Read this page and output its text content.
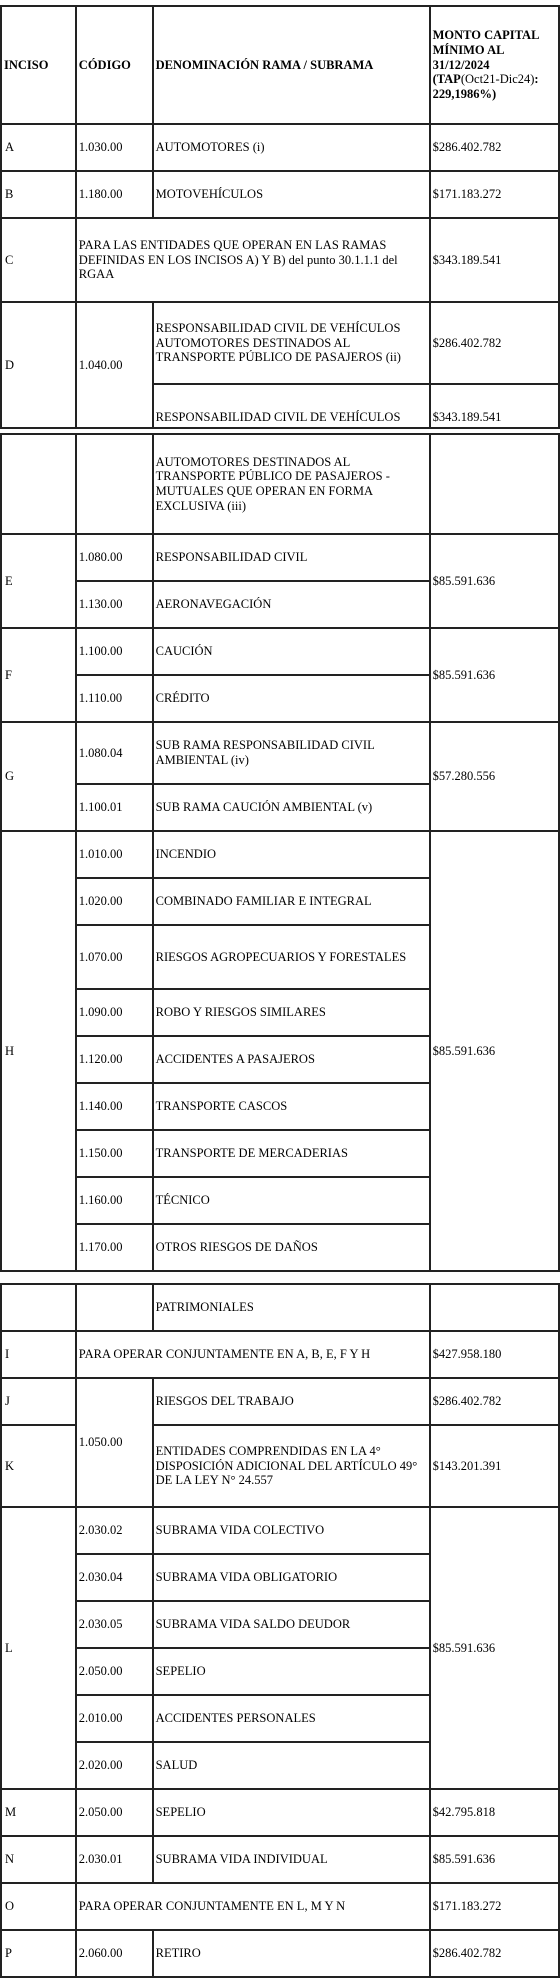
INCISO	CÓDIGO	DENOMINACIÓN RAMA / SUBRAMA	MONTO CAPITAL MÍNIMO AL 31/12/2024 (TAP(Oct21-Dic24): 229,1986%)
A	1.030.00	AUTOMOTORES (i)	$286.402.782
B	1.180.00	MOTOVEHÍCULOS	$171.183.272
C	PARA LAS ENTIDADES QUE OPERAN EN LAS RAMAS DEFINIDAS EN LOS INCISOS A) Y B) del punto 30.1.1.1 del RGAA		$343.189.541
D	1.040.00	RESPONSABILIDAD CIVIL DE VEHÍCULOS AUTOMOTORES DESTINADOS AL TRANSPORTE PÚBLICO DE PASAJEROS (ii)	$286.402.782
		RESPONSABILIDAD CIVIL DE VEHÍCULOS	$343.189.541
		AUTOMOTORES DESTINADOS AL TRANSPORTE PÚBLICO DE PASAJEROS - MUTUALES QUE OPERAN EN FORMA EXCLUSIVA (iii)	
E	1.080.00	RESPONSABILIDAD CIVIL	$85.591.636
	1.130.00	AERONAVEGACIÓN	
F	1.100.00	CAUCIÓN	$85.591.636
	1.110.00	CRÉDITO	
G	1.080.04	SUB RAMA RESPONSABILIDAD CIVIL AMBIENTAL (iv)	$57.280.556
	1.100.01	SUB RAMA CAUCIÓN AMBIENTAL (v)	
H	1.010.00	INCENDIO	$85.591.636
	1.020.00	COMBINADO FAMILIAR E INTEGRAL	
	1.070.00	RIESGOS AGROPECUARIOS Y FORESTALES	
	1.090.00	ROBO Y RIESGOS SIMILARES	
	1.120.00	ACCIDENTES A PASAJEROS	
	1.140.00	TRANSPORTE CASCOS	
	1.150.00	TRANSPORTE DE MERCADERIAS	
	1.160.00	TÉCNICO	
	1.170.00	OTROS RIESGOS DE DAÑOS	
		PATRIMONIALES	
I	PARA OPERAR CONJUNTAMENTE EN A, B, E, F Y H		$427.958.180
J	1.050.00	RIESGOS DEL TRABAJO	$286.402.782
K		ENTIDADES COMPRENDIDAS EN LA 4° DISPOSICIÓN ADICIONAL DEL ARTÍCULO 49° DE LA LEY N° 24.557	$143.201.391
L	2.030.02	SUBRAMA VIDA COLECTIVO	$85.591.636
	2.030.04	SUBRAMA VIDA OBLIGATORIO	
	2.030.05	SUBRAMA VIDA SALDO DEUDOR	
	2.050.00	SEPELIO	
	2.010.00	ACCIDENTES PERSONALES	
	2.020.00	SALUD	
M	2.050.00	SEPELIO	$42.795.818
N	2.030.01	SUBRAMA VIDA INDIVIDUAL	$85.591.636
O	PARA OPERAR CONJUNTAMENTE EN L, M Y N		$171.183.272
P	2.060.00	RETIRO	$286.402.782
